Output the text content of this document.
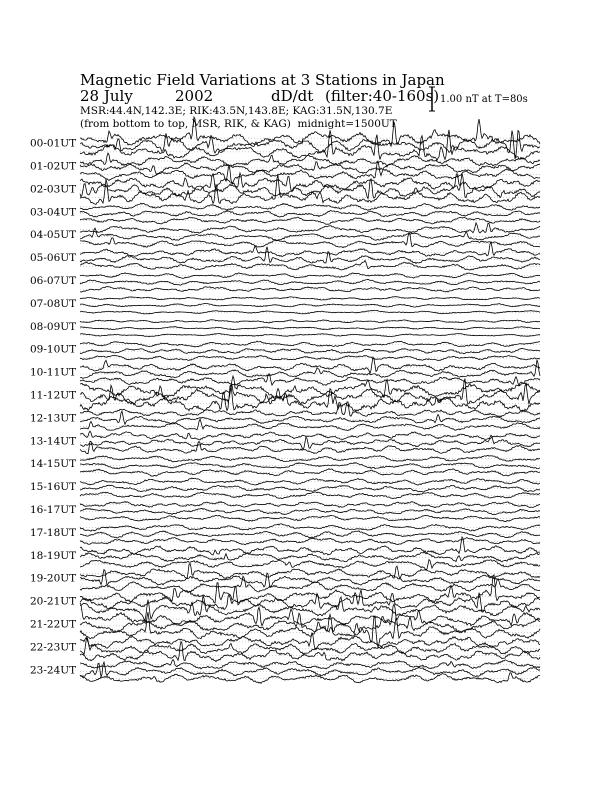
Magnetic Field Variations at 3 Stations in Japan
28 July	2002	dD/dt (filter:40-160s)
MSR:44.4N,142.3E; RIK:43.5N,143.8E; KAG:31.5N,130.7E
(from bottom to top, MSR, RIK, & KAG) midnight=1500UT
1.00 nT at T=80s
00-01UT
01-02UT
02-03UT
03-04UT
04-05UT
05-06UT
06-07UT
07-08UT
08-09UT
09-10UT
10-11UT
11-12UT
12-13UT
13-14UT
14-15UT
15-16UT
16-17UT
17-18UT
18-19UT
19-20UT
20-21UT
21-22UT
22-23UT
23-24UT
